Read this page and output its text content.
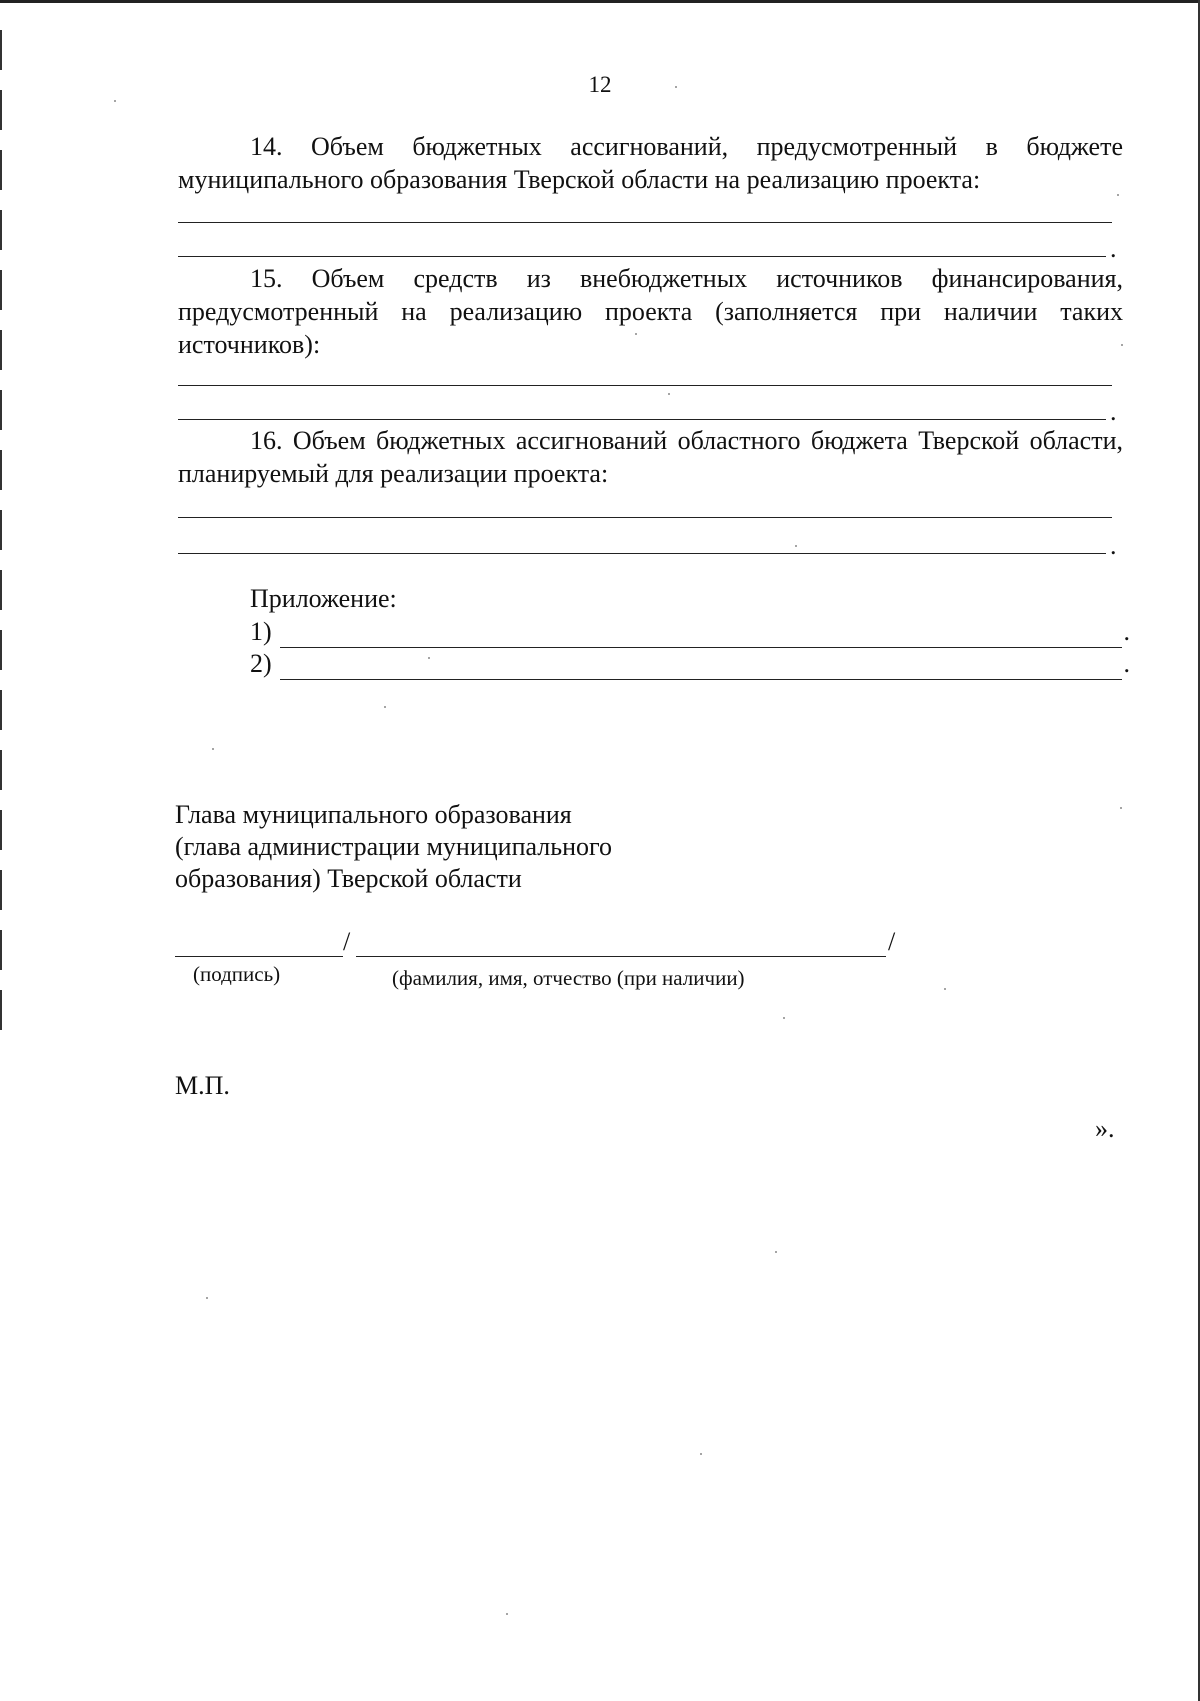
12

14. Объем бюджетных ассигнований, предусмотренный в бюджете муниципального образования Тверской области на реализацию проекта:

.

15. Объем средств из внебюджетных источников финансирования, предусмотренный на реализацию проекта (заполняется при наличии таких источников):

.

16. Объем бюджетных ассигнований областного бюджета Тверской области, планируемый для реализации проекта:

.
Приложение:
1)	.
2)	.
Глава муниципального образования
(глава администрации муниципального
образования) Тверской области
/	/
(подпись)	(фамилия, имя, отчество (при наличии)
М.П.
».
